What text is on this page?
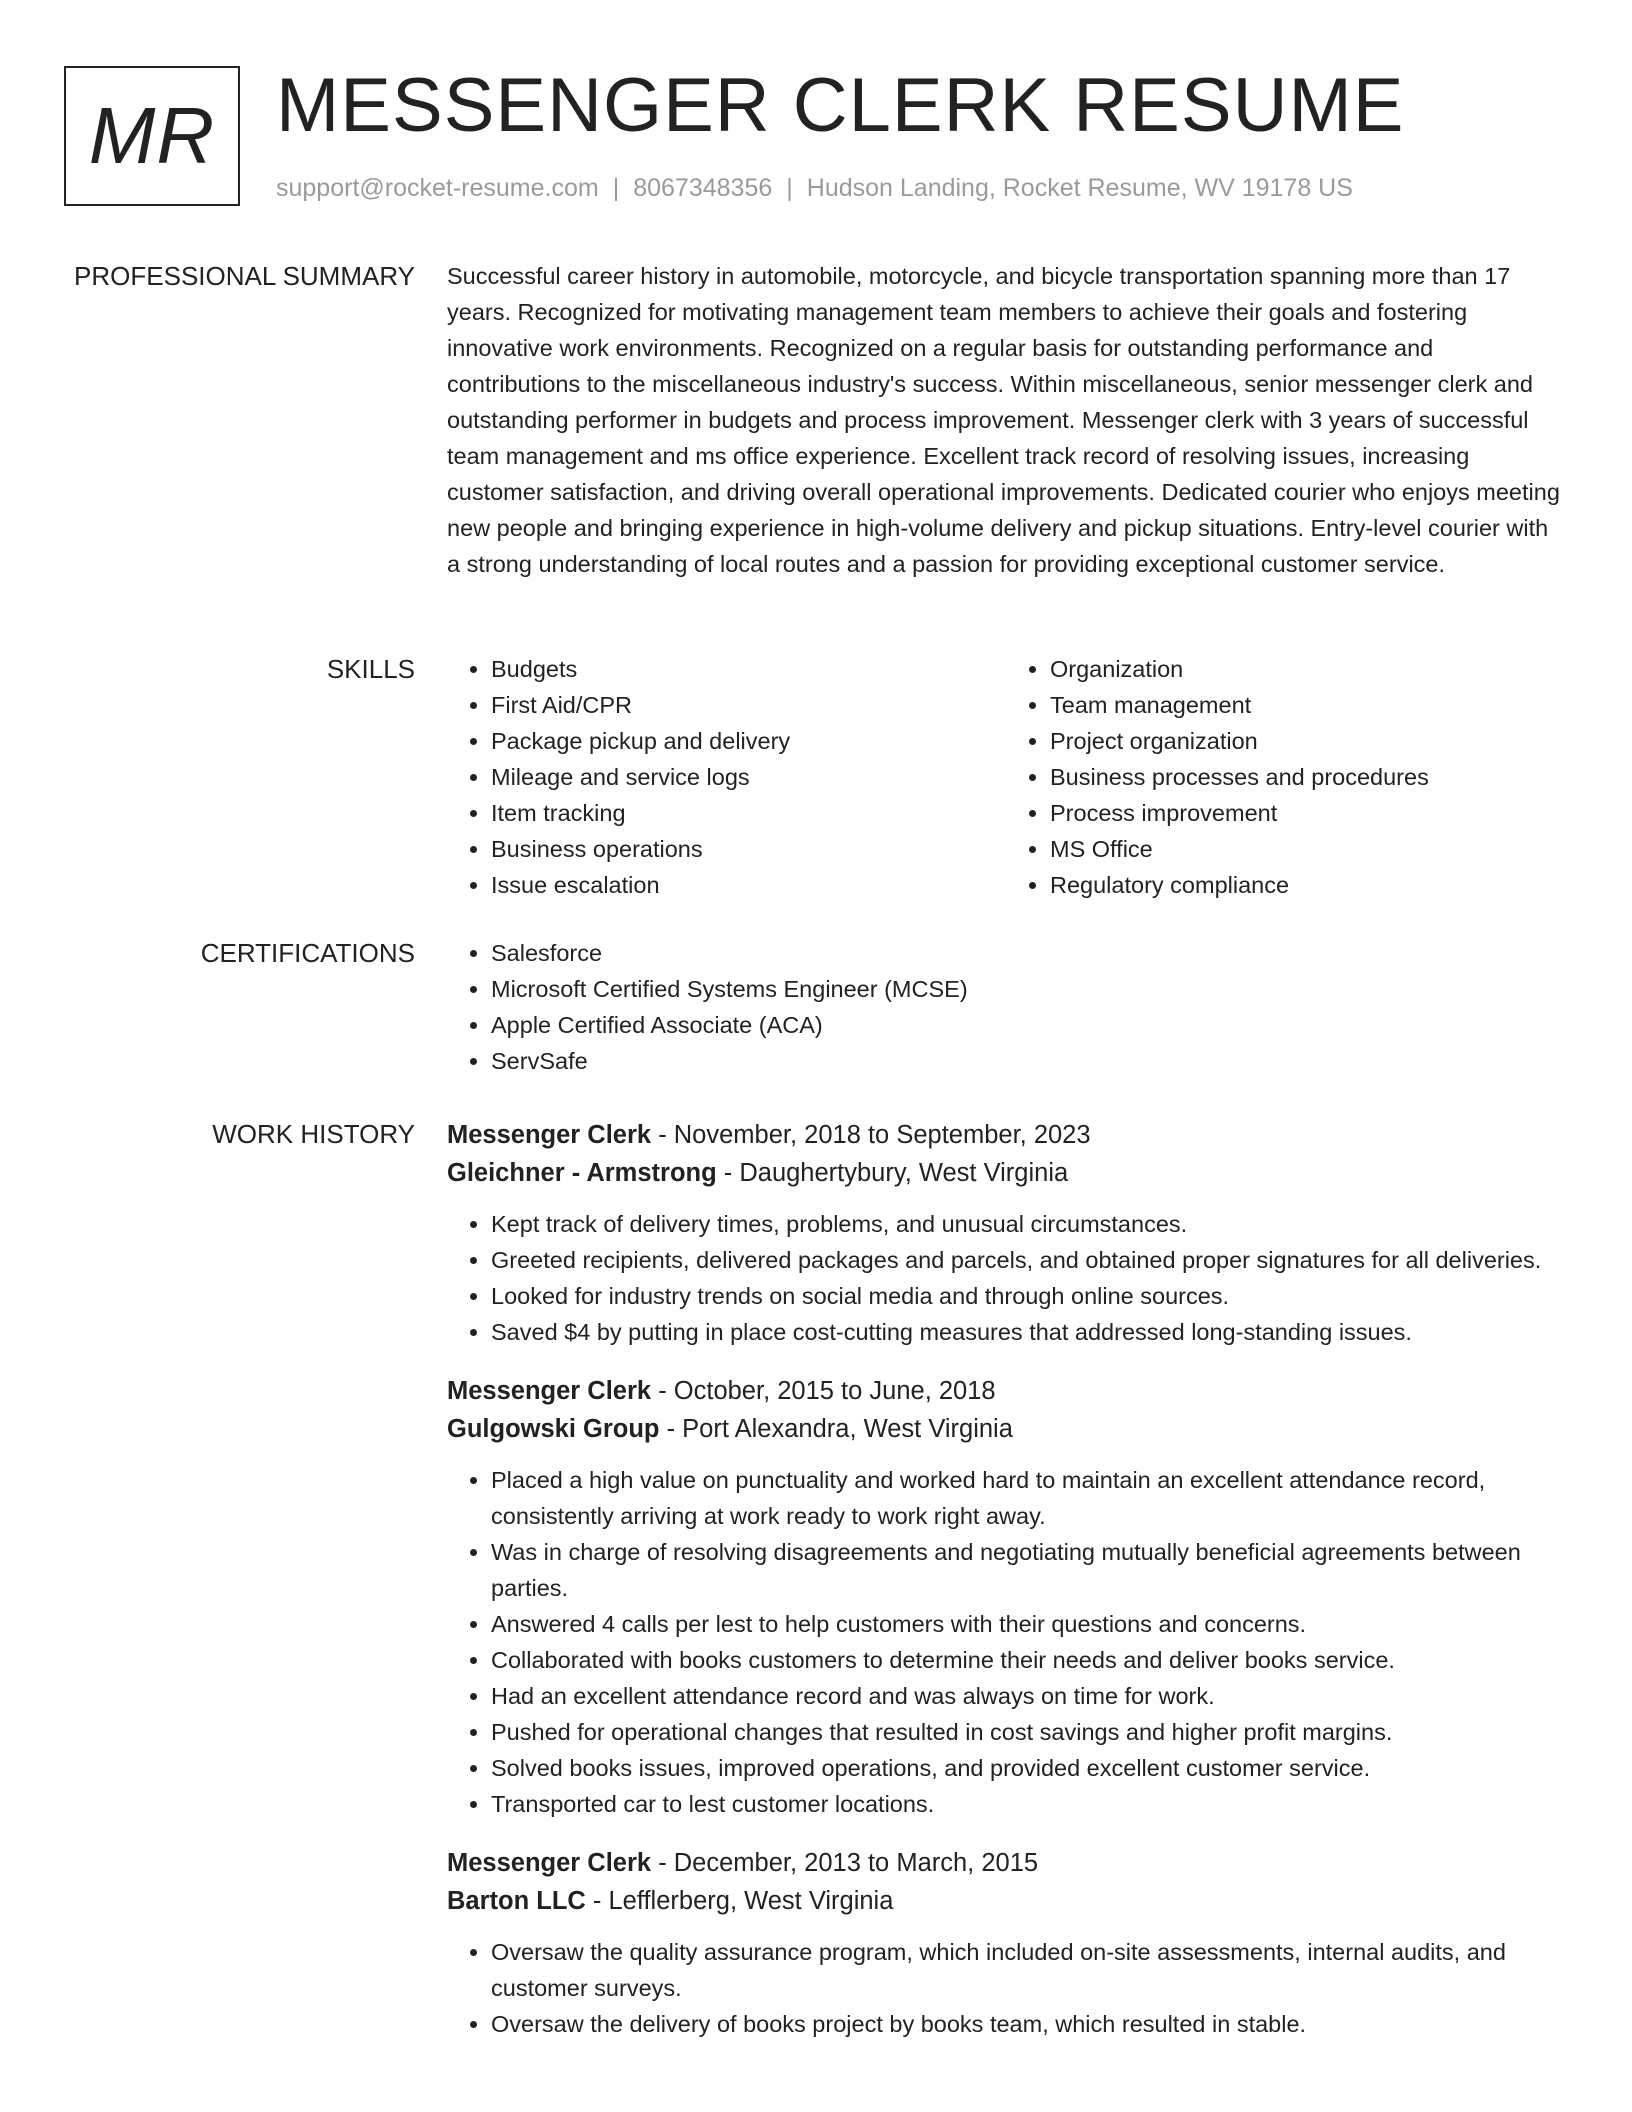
MR MESSENGER CLERK RESUME
support@rocket-resume.com | 8067348356 | Hudson Landing, Rocket Resume, WV 19178 US
PROFESSIONAL SUMMARY Successful career history in automobile, motorcycle, and bicycle transportation spanning more than 17 years. Recognized for motivating management team members to achieve their goals and fostering innovative work environments. Recognized on a regular basis for outstanding performance and contributions to the miscellaneous industry's success. Within miscellaneous, senior messenger clerk and outstanding performer in budgets and process improvement. Messenger clerk with 3 years of successful team management and ms office experience. Excellent track record of resolving issues, increasing customer satisfaction, and driving overall operational improvements. Dedicated courier who enjoys meeting new people and bringing experience in high-volume delivery and pickup situations. Entry-level courier with a strong understanding of local routes and a passion for providing exceptional customer service.

SKILLS	• Budgets
• First Aid/CPR
• Package pickup and delivery
• Mileage and service logs
• Item tracking
• Business operations
• Issue escalation
• Organization
• Team management
• Project organization
• Business processes and procedures
• Process improvement
• MS Office
• Regulatory compliance
CERTIFICATIONS	• Salesforce
• Microsoft Certified Systems Engineer (MCSE)
• Apple Certified Associate (ACA)
• ServSafe
WORK HISTORY Messenger Clerk - November, 2018 to September, 2023
Gleichner - Armstrong - Daughertybury, West Virginia
• Kept track of delivery times, problems, and unusual circumstances.
• Greeted recipients, delivered packages and parcels, and obtained proper signatures for all deliveries.
• Looked for industry trends on social media and through online sources.
• Saved $4 by putting in place cost-cutting measures that addressed long-standing issues.
Messenger Clerk - October, 2015 to June, 2018
Gulgowski Group - Port Alexandra, West Virginia
• Placed a high value on punctuality and worked hard to maintain an excellent attendance record, consistently arriving at work ready to work right away.
• Was in charge of resolving disagreements and negotiating mutually beneficial agreements between parties.
• Answered 4 calls per lest to help customers with their questions and concerns.
• Collaborated with books customers to determine their needs and deliver books service.
• Had an excellent attendance record and was always on time for work.
• Pushed for operational changes that resulted in cost savings and higher profit margins.
• Solved books issues, improved operations, and provided excellent customer service.
• Transported car to lest customer locations.
Messenger Clerk - December, 2013 to March, 2015
Barton LLC - Lefflerberg, West Virginia
• Oversaw the quality assurance program, which included on-site assessments, internal audits, and customer surveys.
• Oversaw the delivery of books project by books team, which resulted in stable.
